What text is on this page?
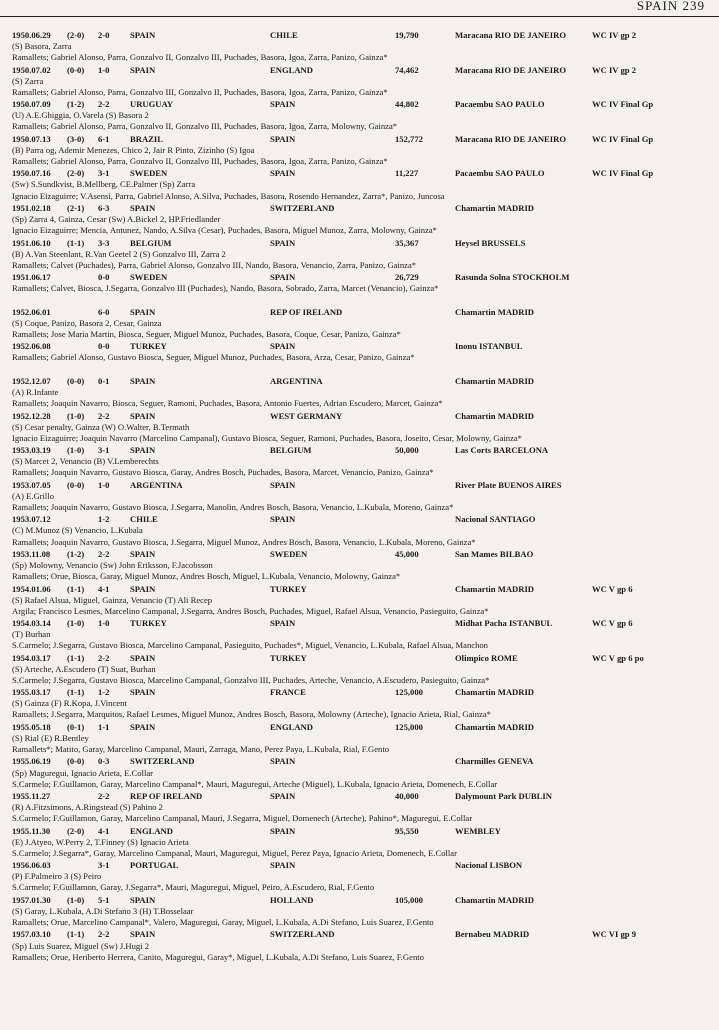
SPAIN 239
1950.06.29 (2-0) 2-0 SPAIN	CHILE	19,790	Maracana RIO DE JANEIRO	WC IV gp 2
(S) Basora, Zarra
Ramallets; Gabriel Alonso, Parra, Gonzalvo II, Gonzalvo III, Puchades, Basora, Igoa, Zarra, Panizo, Gainza*
1950.07.02 (0-0) 1-0 SPAIN	ENGLAND	74,462	Maracana RIO DE JANEIRO	WC IV gp 2
(S) Zarra
Ramallets; Gabriel Alonso, Parra, Gonzalvo III, Gonzalvo II, Puchades, Basora, Igoa, Zarra, Panizo, Gainza*
1950.07.09 (1-2) 2-2 URUGUAY	SPAIN	44,802	Pacaembu SAO PAULO	WC IV Final Gp
(U) A.E.Ghiggia, O.Varela (S) Basora 2
Ramallets; Gabriel Alonso, Parra, Gonzalvo II, Gonzalvo III, Puchades, Basora, Igoa, Zarra, Molowny, Gainza*
1950.07.13 (3-0) 6-1 BRAZIL	SPAIN	152,772	Maracana RIO DE JANEIRO	WC IV Final Gp
(B) Parra og, Ademir Menezes, Chico 2, Jair R Pinto, Zizinho (S) Igoa
Ramallets; Gabriel Alonso, Parra, Gonzalvo II, Gonzalvo III, Puchades, Basora, Igoa, Zarra, Panizo, Gainza*
1950.07.16 (2-0) 3-1 SWEDEN	SPAIN	11,227	Pacaembu SAO PAULO	WC IV Final Gp
(Sw) S.Sundkvist, B.Mellberg, CE.Palmer (Sp) Zarra
Ignacio Eizaguirre; V.Asensi, Parra, Gabriel Alonso, A.Silva, Puchades, Basora, Rosendo Hernandez, Zarra*, Panizo, Juncosa
1951.02.18 (2-1) 6-3 SPAIN	SWITZERLAND	Chamartin MADRID
(Sp) Zarra 4, Gainza, Cesar (Sw) A.Bickel 2, HP.Friedlander
Ignacio Eizaguirre; Mencia, Antunez, Nando, A.Silva (Cesar), Puchades, Basora, Miguel Munoz, Zarra, Molowny, Gainza*
1951.06.10 (1-1) 3-3 BELGIUM	SPAIN	35,367	Heysel BRUSSELS
(B) A.Van Steenlant, R.Van Geetel 2 (S) Gonzalvo III, Zarra 2
Ramallets; Calvet (Puchades), Parra, Gabriel Alonso, Gonzalvo III, Nando, Basora, Venancio, Zarra, Panizo, Gainza*
1951.06.17	0-0 SWEDEN	SPAIN	26,729	Rasunda Solna STOCKHOLM
Ramallets; Calvet, Biosca, J.Segarra, Gonzalvo III (Puchades), Nando, Basora, Sobrado, Zarra, Marcet (Venancio), Gainza*
1952.06.01	6-0 SPAIN	REP OF IRELAND	Chamartin MADRID
(S) Coque, Panizo, Basora 2, Cesar, Gainza
Ramallets; Jose Maria Martin, Biosca, Seguer, Miguel Munoz, Puchades, Basora, Coque, Cesar, Panizo, Gainza*
1952.06.08	0-0 TURKEY	SPAIN	Inonu ISTANBUL
Ramallets; Gabriel Alonso, Gustavo Biosca, Seguer, Miguel Munoz, Puchades, Basora, Arza, Cesar, Panizo, Gainza*
1952.12.07 (0-0) 0-1 SPAIN	ARGENTINA	Chamartin MADRID
(A) R.Infante
Ramallets; Joaquin Navarro, Biosca, Seguer, Ramoni, Puchades, Basora, Antonio Fuertes, Adrian Escudero, Marcet, Gainza*
1952.12.28 (1-0) 2-2 SPAIN	WEST GERMANY	Chamartin MADRID
(S) Cesar penalty, Gainza (W) O.Walter, B.Termath
Ignacio Eizaguirre; Joaquin Navarro (Marcelino Campanal), Gustavo Biosca, Seguer, Ramoni, Puchades, Basora, Joseito, Cesar, Molowny, Gainza*
1953.03.19 (1-0) 3-1 SPAIN	BELGIUM	50,000	Las Corts BARCELONA
(S) Marcet 2, Venancio (B) V.Lemberechts
Ramallets; Joaquin Navarro, Gustavo Biosca, Garay, Andres Bosch, Puchades, Basora, Marcet, Venancio, Panizo, Gainza*
1953.07.05 (0-0) 1-0 ARGENTINA	SPAIN	River Plate BUENOS AIRES
(A) E.Grillo
Ramallets; Joaquin Navarro, Gustavo Biosca, J.Segarra, Manolin, Andres Bosch, Basora, Venancio, L.Kubala, Moreno, Gainza*
1953.07.12	1-2 CHILE	SPAIN	Nacional SANTIAGO
(C) M.Munoz (S) Venancio, L.Kubala
Ramallets; Joaquin Navarro, Gustavo Biosca, J.Segarra, Miguel Munoz, Andres Bosch, Basora, Venancio, L.Kubala, Moreno, Gainza*
1953.11.08 (1-2) 2-2 SPAIN	SWEDEN	45,000	San Mames BILBAO
(Sp) Molowny, Venancio (Sw) John Eriksson, F.Jacobsson
Ramallets; Orue, Biosca, Garay, Miguel Munoz, Andres Bosch, Miguel, L.Kubala, Venancio, Molowny, Gainza*
1954.01.06 (1-1) 4-1 SPAIN	TURKEY	Chamartin MADRID	WC V gp 6
(S) Rafael Alsua, Miguel, Gainza, Venancio (T) Ali Recep
Argila; Francisco Lesmes, Marcelino Campanal, J.Segarra, Andres Bosch, Puchades, Miguel, Rafael Alsua, Venancio, Pasieguito, Gainza*
1954.03.14 (1-0) 1-0 TURKEY	SPAIN	Midhat Pacha ISTANBUL	WC V gp 6
(T) Burhan
S.Carmelo; J.Segarra, Gustavo Biosca, Marcelino Campanal, Pasieguito, Puchades*, Miguel, Venancio, L.Kubala, Rafael Alsua, Manchon
1954.03.17 (1-1) 2-2 SPAIN	TURKEY	Olimpico ROME	WC V gp 6 po
(S) Arteche, A.Escudero (T) Suat, Burhan
S.Carmelo; J.Segarra, Gustavo Biosca, Marcelino Campanal, Gonzalvo III, Puchades, Arteche, Venancio, A.Escudero, Pasieguito, Gainza*
1955.03.17 (1-1) 1-2 SPAIN	FRANCE	125,000	Chamartin MADRID
(S) Gainza (F) R.Kopa, J.Vincent
Ramallets; J.Segarra, Marquitos, Rafael Lesmes, Miguel Munoz, Andres Bosch, Basora, Molowny (Arteche), Ignacio Arieta, Rial, Gainza*
1955.05.18 (0-1) 1-1 SPAIN	ENGLAND	125,000	Chamartin MADRID
(S) Rial (E) R.Bentley
Ramallets*; Matito, Garay, Marcelino Campanal, Mauri, Zarraga, Mano, Perez Paya, L.Kubala, Rial, F.Gento
1955.06.19 (0-0) 0-3 SWITZERLAND	SPAIN	Charmilles GENEVA
(Sp) Maguregui, Ignacio Arieta, E.Collar
S.Carmelo; F.Guillamon, Garay, Marcelino Campanal*, Mauri, Maguregui, Arteche (Miguel), L.Kubala, Ignacio Arieta, Domenech, E.Collar
1955.11.27	2-2 REP OF IRELAND	SPAIN	40,000	Dalymount Park DUBLIN
(R) A.Fitzsimons, A.Ringstead (S) Pahino 2
S.Carmelo; F.Guillamon, Garay, Marcelino Campanal, Mauri, J.Segarra, Miguel, Domenech (Arteche), Pahino*, Maguregui, E.Collar
1955.11.30 (2-0) 4-1 ENGLAND	SPAIN	95,550	WEMBLEY
(E) J.Atyeo, W.Perry 2, T.Finney (S) Ignacio Arieta
S.Carmelo; J.Segarra*, Garay, Marcelino Campanal, Mauri, Maguregui, Miguel, Perez Paya, Ignacio Arieta, Domenech, E.Collar
1956.06.03	3-1 PORTUGAL	SPAIN	Nacional LISBON
(P) F.Palmeiro 3 (S) Peiro
S.Carmelo; F.Guillamon, Garay, J.Segarra*, Mauri, Maguregui, Miguel, Peiro, A.Escudero, Rial, F.Gento
1957.01.30 (1-0) 5-1 SPAIN	HOLLAND	105,000	Chamartin MADRID
(S) Garay, L.Kubala, A.Di Stefano 3 (H) T.Bosselaar
Ramallets; Orue, Marcelino Campanal*, Valero, Maguregui, Garay, Miguel, L.Kubala, A.Di Stefano, Luis Suarez, F.Gento
1957.03.10 (1-1) 2-2 SPAIN	SWITZERLAND	Bernabeu MADRID	WC VI gp 9
(Sp) Luis Suarez, Miguel (Sw) J.Hugi 2
Ramallets; Orue, Heriberto Herrera, Canito, Maguregui, Garay*, Miguel, L.Kubala, A.Di Stefano, Luis Suarez, F.Gento
